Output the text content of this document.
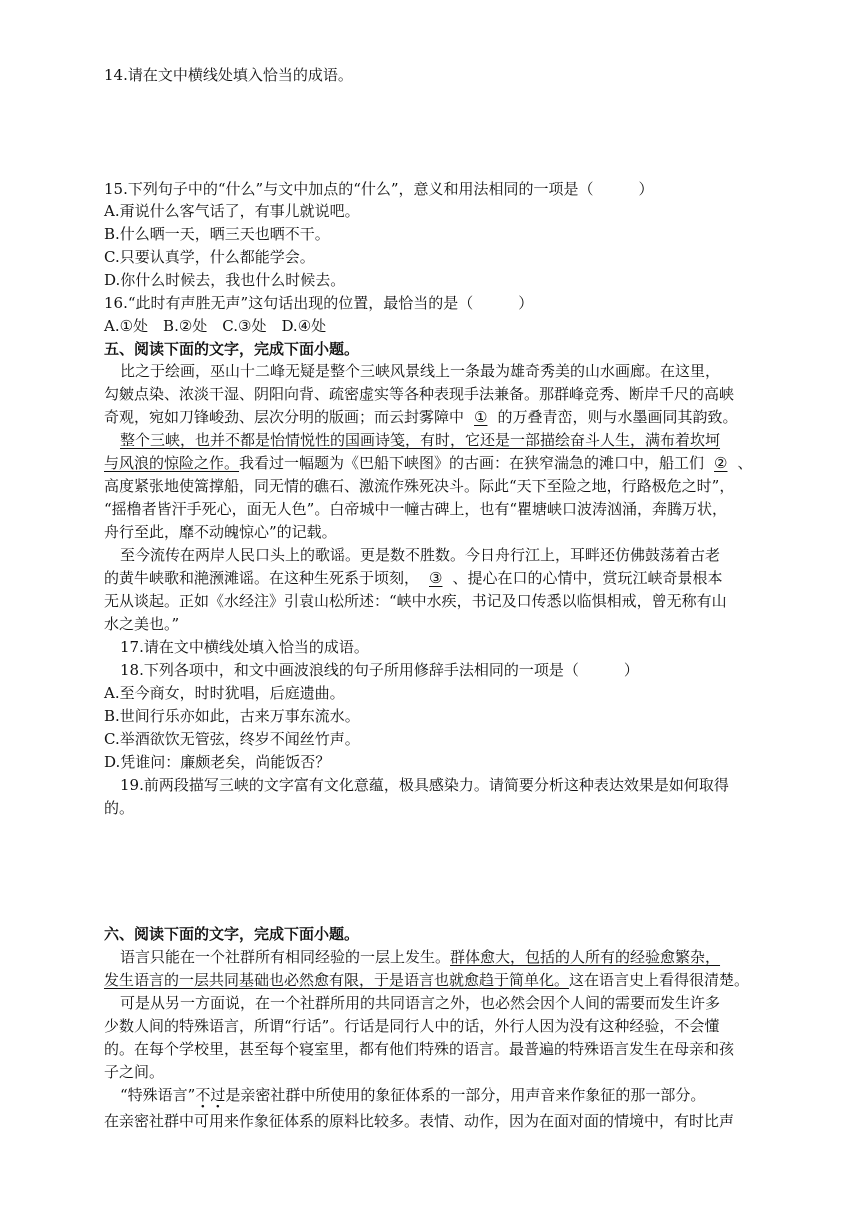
14.请在文中横线处填入恰当的成语。
15.下列句子中的“什么”与文中加点的“什么”，意义和用法相同的一项是（　　　）
A.甭说什么客气话了，有事儿就说吧。
B.什么晒一天，晒三天也晒不干。
C.只要认真学，什么都能学会。
D.你什么时候去，我也什么时候去。
16.“此时有声胜无声”这句话出现的位置，最恰当的是（　　　）
A.①处　B.②处　C.③处　D.④处
五、阅读下面的文字，完成下面小题。
比之于绘画，巫山十二峰无疑是整个三峡风景线上一条最为雄奇秀美的山水画廊。在这里，
勾皴点染、浓淡干湿、阴阳向背、疏密虚实等各种表现手法兼备。那群峰竞秀、断岸千尺的高峡
奇观，宛如刀锋峻劲、层次分明的版画；而云封雾障中 ① 的万叠青峦，则与水墨画同其韵致。
整个三峡，也并不都是怡情悦性的国画诗笺，有时，它还是一部描绘奋斗人生，满布着坎坷
与风浪的惊险之作。我看过一幅题为《巴船下峡图》的古画：在狭窄湍急的滩口中，船工们 ② 、
高度紧张地使篙撑船，同无情的礁石、激流作殊死决斗。际此“天下至险之地，行路极危之时”，
“摇橹者皆汗手死心，面无人色”。白帝城中一幢古碑上，也有“瞿塘峡口波涛汹涌，奔腾万状，
舟行至此，靡不动魄惊心”的记载。
至今流传在两岸人民口头上的歌谣。更是数不胜数。今日舟行江上，耳畔还仿佛鼓荡着古老
的黄牛峡歌和滟滪滩谣。在这种生死系于顷刻， ③ 、提心在口的心情中，赏玩江峡奇景根本
无从谈起。正如《水经注》引袁山松所述：“峡中水疾，书记及口传悉以临惧相戒，曾无称有山
水之美也。”
17.请在文中横线处填入恰当的成语。
18.下列各项中，和文中画波浪线的句子所用修辞手法相同的一项是（　　　）
A.至今商女，时时犹唱，后庭遗曲。
B.世间行乐亦如此，古来万事东流水。
C.举酒欲饮无管弦，终岁不闻丝竹声。
D.凭谁问：廉颇老矣，尚能饭否？
19.前两段描写三峡的文字富有文化意蕴，极具感染力。请简要分析这种表达效果是如何取得
的。
六、阅读下面的文字，完成下面小题。
语言只能在一个社群所有相同经验的一层上发生。群体愈大，包括的人所有的经验愈繁杂，
发生语言的一层共同基础也必然愈有限，于是语言也就愈趋于简单化。这在语言史上看得很清楚。
可是从另一方面说，在一个社群所用的共同语言之外，也必然会因个人间的需要而发生许多
少数人间的特殊语言，所谓“行话”。行话是同行人中的话，外行人因为没有这种经验，不会懂
的。在每个学校里，甚至每个寝室里，都有他们特殊的语言。最普遍的特殊语言发生在母亲和孩
子之间。
“特殊语言”不过是亲密社群中所使用的象征体系的一部分，用声音来作象征的那一部分。
在亲密社群中可用来作象征体系的原料比较多。表情、动作，因为在面对面的情境中，有时比声
